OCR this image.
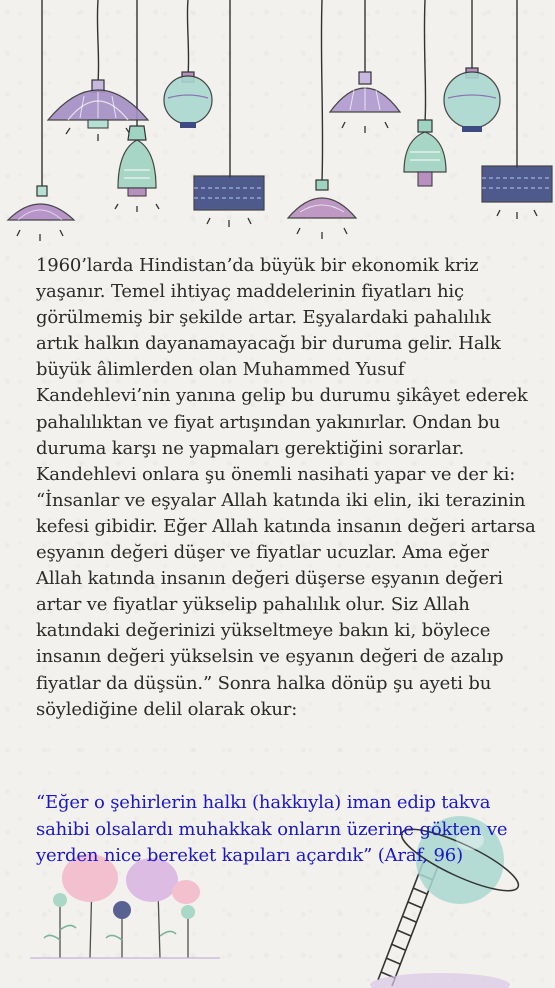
1960’larda Hindistan’da büyük bir ekonomik kriz yaşanır. Temel ihtiyaç maddelerinin fiyatları hiç görülmemiş bir şekilde artar. Eşyalardaki pahalılık artık halkın dayanamayacağı bir duruma gelir. Halk büyük âlimlerden olan Muhammed Yusuf Kandehlevi’nin yanına gelip bu durumu şikâyet ederek pahalılıktan ve fiyat artışından yakınırlar. Ondan bu duruma karşı ne yapmaları gerektiğini sorarlar.
Kandehlevi onlara şu önemli nasihati yapar ve der ki: “İnsanlar ve eşyalar Allah katında iki elin, iki terazinin kefesi gibidir. Eğer Allah katında insanın değeri artarsa eşyanın değeri düşer ve fiyatlar ucuzlar. Ama eğer Allah katında insanın değeri düşerse eşyanın değeri artar ve fiyatlar yükselip pahalılık olur. Siz Allah katındaki değerinizi yükseltmeye bakın ki, böylece insanın değeri yükselsin ve eşyanın değeri de azalıp fiyatlar da düşsün.” Sonra halka dönüp şu ayeti bu söylediğine delil olarak okur:
“Eğer o şehirlerin halkı (hakkıyla) iman edip takva sahibi olsalardı muhakkak onların üzerine gökten ve yerden nice bereket kapıları açardık” (Araf, 96)
